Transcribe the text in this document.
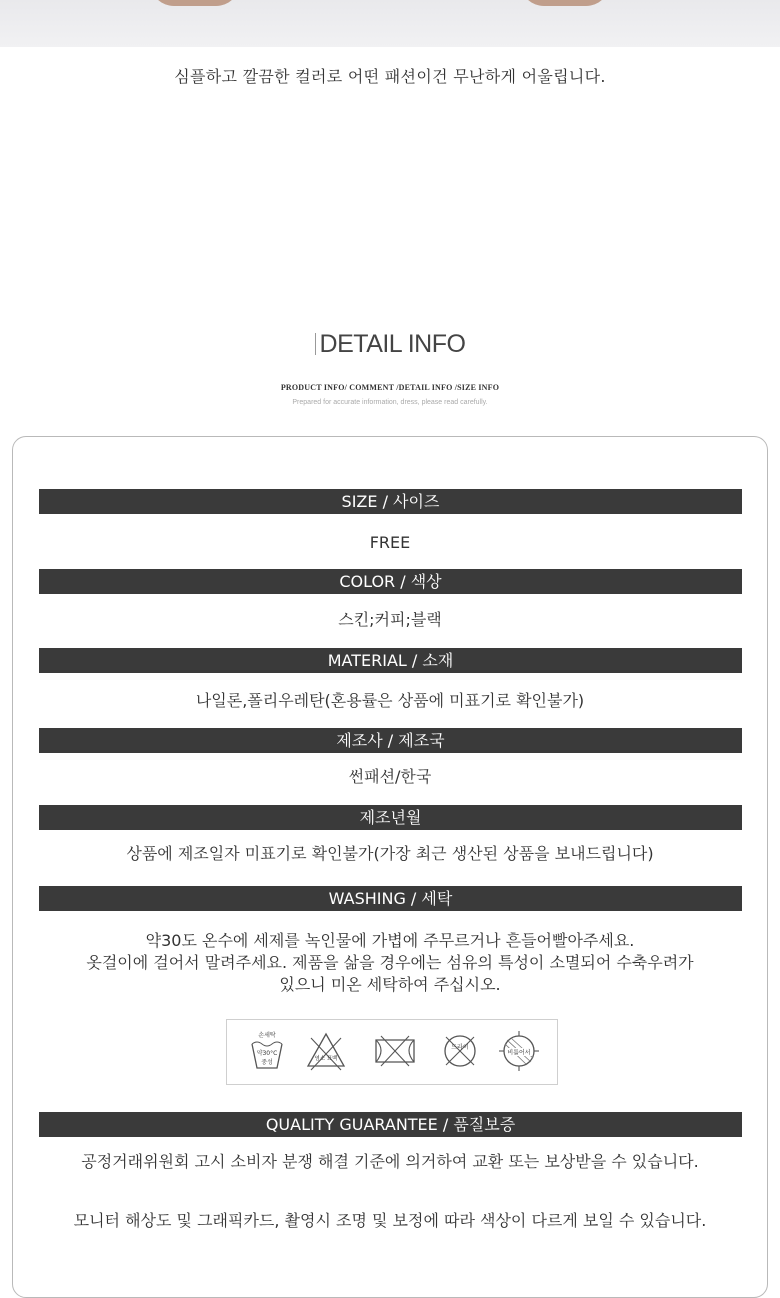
심플하고 깔끔한 컬러로 어떤 패션이건 무난하게 어울립니다.
DETAIL INFO
PRODUCT INFO/ COMMENT /DETAIL INFO /SIZE INFO
Prepared for accurate information, dress, please read carefully.
SIZE / 사이즈
FREE
COLOR / 색상
스킨;커피;블랙
MATERIAL / 소재
나일론,폴리우레탄(혼용률은 상품에 미표기로 확인불가)
제조사 / 제조국
썬패션/한국
제조년월
상품에 제조일자 미표기로 확인불가(가장 최근 생산된 상품을 보내드립니다)
WASHING / 세탁
약30도 온수에 세제를 녹인물에 가볍에 주무르거나 흔들어빨아주세요.
옷걸이에 걸어서 말려주세요. 제품을 삶을 경우에는 섬유의 특성이 소멸되어 수축우려가
있으니 미온 세탁하여 주십시오.
손세탁
약30°C
중성	염소 표백
드라이
비틀어서
QUALITY GUARANTEE / 품질보증
공정거래위원회 고시 소비자 분쟁 해결 기준에 의거하여 교환 또는 보상받을 수 있습니다.
모니터 해상도 및 그래픽카드, 촬영시 조명 및 보정에 따라 색상이 다르게 보일 수 있습니다.
